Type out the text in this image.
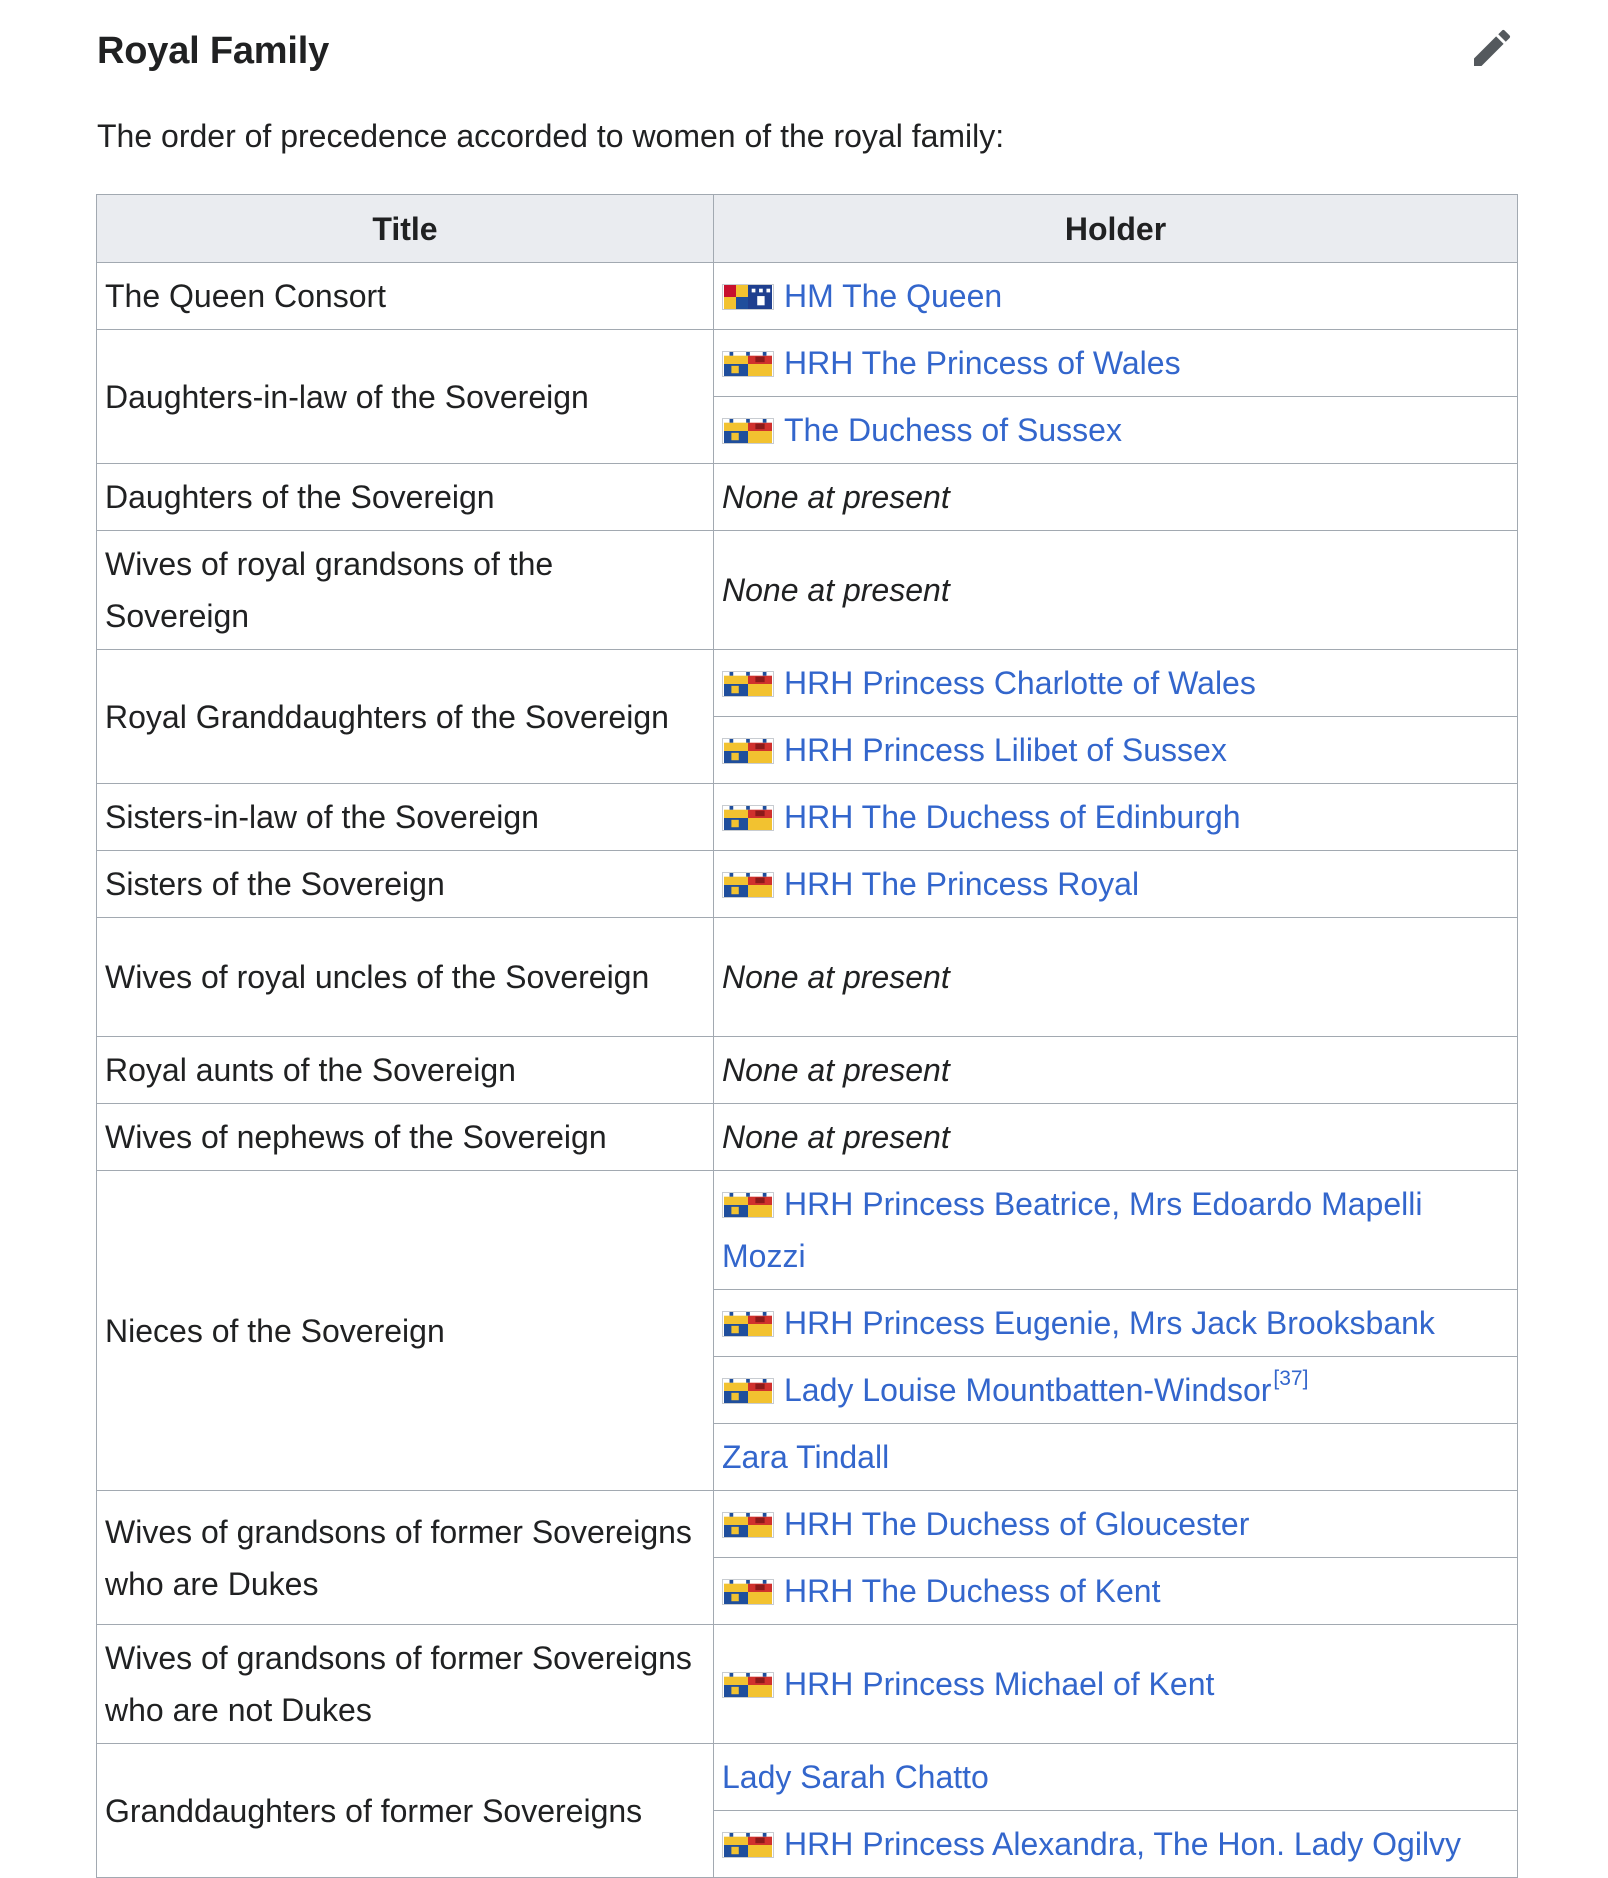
Royal Family
The order of precedence accorded to women of the royal family:
Title	Holder
The Queen Consort	HM The Queen
Daughters-in-law of the Sovereign	HRH The Princess of Wales

The Duchess of Sussex
Daughters of the Sovereign	None at present
Wives of royal grandsons of the Sovereign	None at present
Royal Granddaughters of the Sovereign	HRH Princess Charlotte of Wales

HRH Princess Lilibet of Sussex
Sisters-in-law of the Sovereign	HRH The Duchess of Edinburgh
Sisters of the Sovereign	HRH The Princess Royal
Wives of royal uncles of the Sovereign	None at present
Royal aunts of the Sovereign	None at present
Wives of nephews of the Sovereign	None at present
Nieces of the Sovereign	HRH Princess Beatrice, Mrs Edoardo Mapelli Mozzi

HRH Princess Eugenie, Mrs Jack Brooksbank

Lady Louise Mountbatten-Windsor[37]
	Zara Tindall
Wives of grandsons of former Sovereigns who are Dukes	HRH The Duchess of Gloucester

HRH The Duchess of Kent
Wives of grandsons of former Sovereigns who are not Dukes	HRH Princess Michael of Kent
Granddaughters of former Sovereigns	Lady Sarah Chatto

HRH Princess Alexandra, The Hon. Lady Ogilvy
